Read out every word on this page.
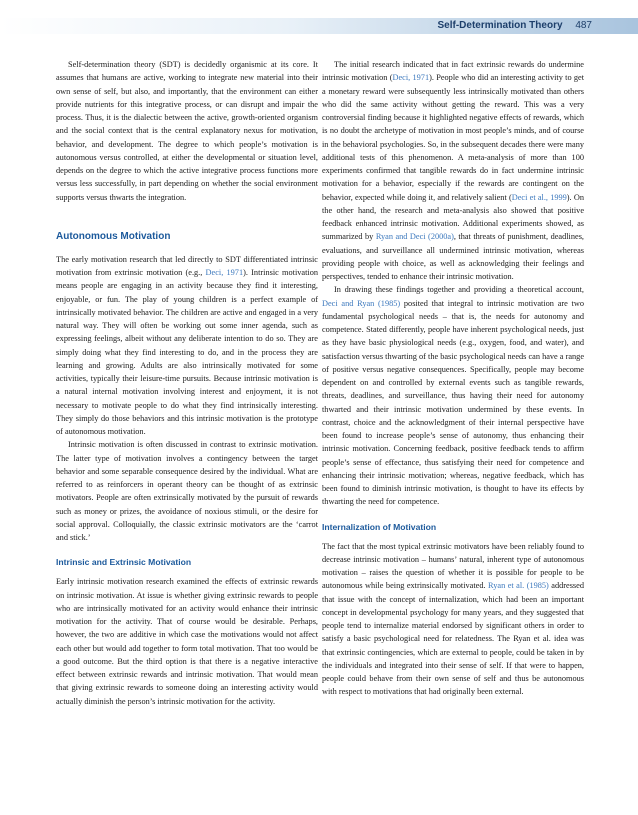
Self-Determination Theory 487

Self-determination theory (SDT) is decidedly organismic at its core. It assumes that humans are active, working to integrate new material into their own sense of self, but also, and importantly, that the environment can either provide nutrients for this integrative process, or can disrupt and impair the process. Thus, it is the dialectic between the active, growth-oriented organism and the social context that is the central explanatory nexus for motivation, behavior, and development. The degree to which people’s motivation is autonomous versus controlled, at either the developmental or situation level, depends on the degree to which the active integrative process functions more versus less successfully, in part depending on whether the social environment supports versus thwarts the integration.

Autonomous Motivation

The early motivation research that led directly to SDT differentiated intrinsic motivation from extrinsic motivation (e.g., Deci, 1971). Intrinsic motivation means people are engaging in an activity because they find it interesting, enjoyable, or fun. The play of young children is a perfect example of intrinsically motivated behavior. The children are active and engaged in a very natural way. They will often be working out some inner agenda, such as expressing feelings, albeit without any deliberate intention to do so. They are simply doing what they find interesting to do, and in the process they are learning and growing. Adults are also intrinsically motivated for some activities, typically their leisure-time pursuits. Because intrinsic motivation is a natural internal motivation involving interest and enjoyment, it is not necessary to motivate people to do what they find intrinsically interesting. They simply do those behaviors and this intrinsic motivation is the prototype of autonomous motivation.

Intrinsic motivation is often discussed in contrast to extrinsic motivation. The latter type of motivation involves a contingency between the target behavior and some separable consequence desired by the individual. What are referred to as reinforcers in operant theory can be thought of as extrinsic motivators. People are often extrinsically motivated by the pursuit of rewards such as money or prizes, the avoidance of noxious stimuli, or the desire for social approval. Colloquially, the classic extrinsic motivators are the ‘carrot and stick.’

Intrinsic and Extrinsic Motivation

Early intrinsic motivation research examined the effects of extrinsic rewards on intrinsic motivation. At issue is whether giving extrinsic rewards to people who are intrinsically motivated for an activity would enhance their intrinsic motivation for the activity. That of course would be desirable. Perhaps, however, the two are additive in which case the motivations would not affect each other but would add together to form total motivation. That too would be a good outcome. But the third option is that there is a negative interactive effect between extrinsic rewards and intrinsic motivation. That would mean that giving extrinsic rewards to someone doing an interesting activity would actually diminish the person’s intrinsic motivation for the activity.

The initial research indicated that in fact extrinsic rewards do undermine intrinsic motivation (Deci, 1971). People who did an interesting activity to get a monetary reward were subsequently less intrinsically motivated than others who did the same activity without getting the reward. This was a very controversial finding because it highlighted negative effects of rewards, which is no doubt the archetype of motivation in most people’s minds, and of course in the behavioral psychologies. So, in the subsequent decades there were many additional tests of this phenomenon. A meta-analysis of more than 100 experiments confirmed that tangible rewards do in fact undermine intrinsic motivation for a behavior, especially if the rewards are contingent on the behavior, expected while doing it, and relatively salient (Deci et al., 1999). On the other hand, the research and meta-analysis also showed that positive feedback enhanced intrinsic motivation. Additional experiments showed, as summarized by Ryan and Deci (2000a), that threats of punishment, deadlines, evaluations, and surveillance all undermined intrinsic motivation, whereas providing people with choice, as well as acknowledging their feelings and perspectives, tended to enhance their intrinsic motivation.

In drawing these findings together and providing a theoretical account, Deci and Ryan (1985) posited that integral to intrinsic motivation are two fundamental psychological needs – that is, the needs for autonomy and competence. Stated differently, people have inherent psychological needs, just as they have basic physiological needs (e.g., oxygen, food, and water), and satisfaction versus thwarting of the basic psychological needs can have a range of positive versus negative consequences. Specifically, people may become dependent on and controlled by external events such as tangible rewards, threats, deadlines, and surveillance, thus having their need for autonomy thwarted and their intrinsic motivation undermined by these events. In contrast, choice and the acknowledgment of their internal perspective have been found to increase people’s sense of autonomy, thus enhancing their intrinsic motivation. Concerning feedback, positive feedback tends to affirm people’s sense of effectance, thus satisfying their need for competence and enhancing their intrinsic motivation; whereas, negative feedback, which has been found to diminish intrinsic motivation, is thought to have its effects by thwarting the need for competence.

Internalization of Motivation

The fact that the most typical extrinsic motivators have been reliably found to decrease intrinsic motivation – humans’ natural, inherent type of autonomous motivation – raises the question of whether it is possible for people to be autonomous while being extrinsically motivated. Ryan et al. (1985) addressed that issue with the concept of internalization, which had been an important concept in developmental psychology for many years, and they suggested that people tend to internalize material endorsed by significant others in order to satisfy a basic psychological need for relatedness. The Ryan et al. idea was that extrinsic contingencies, which are external to people, could be taken in by the individuals and integrated into their sense of self. If that were to happen, people could behave from their own sense of self and thus be autonomous with respect to motivations that had originally been external.
